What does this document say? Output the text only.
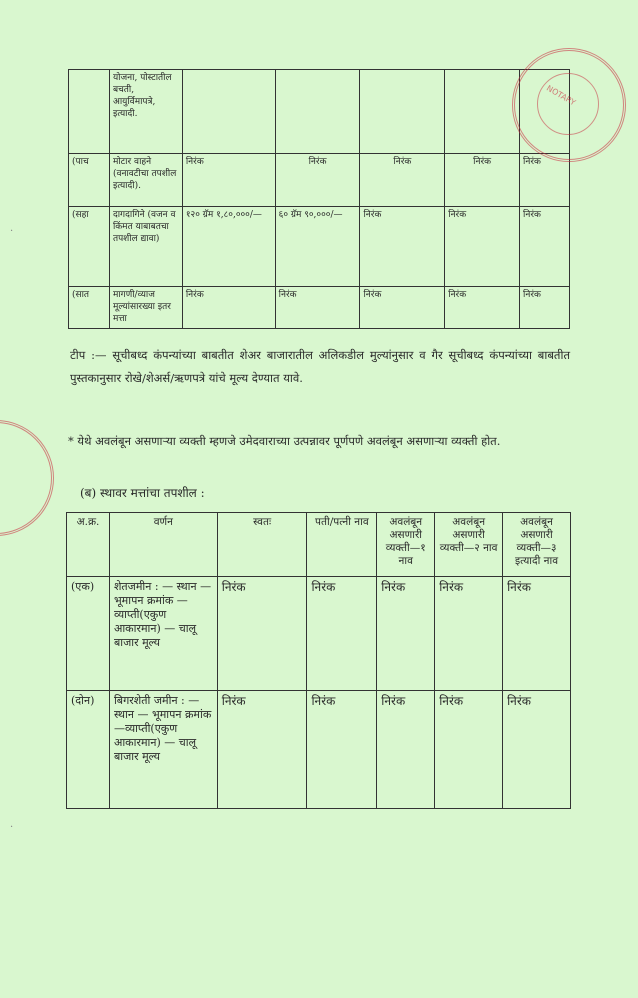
	योजना, पोस्टातील बचती, आयुर्विमापत्रे, इत्यादी.					
(पाच	मोटार वाहने (वनावटीचा तपशील इत्यादी).	निरंक	निरंक	निरंक	निरंक	निरंक
(सहा	दागदागिने (वजन व किंमत याबाबतचा तपशील द्यावा)	१२० ग्रॅम १,८०,०००/—	६० ग्रॅम ९०,०००/—	निरंक	निरंक	निरंक
(सात	मागणी/व्याज मूल्यांसारख्या इतर मत्ता	निरंक	निरंक	निरंक	निरंक	निरंक
टीप :— सूचीबध्द कंपन्यांच्या बाबतीत शेअर बाजारातील अलिकडील मुल्यांनुसार व गैर सूचीबध्द कंपन्यांच्या बाबतीत पुस्तकानुसार रोखे/शेअर्स/ऋणपत्रे यांचे मूल्य देण्यात यावे.
* येथे अवलंबून असणाऱ्या व्यक्ती म्हणजे उमेदवाराच्या उत्पन्नावर पूर्णपणे अवलंबून असणाऱ्या व्यक्ती होत.
(ब) स्थावर मत्तांचा तपशील :
अ.क्र.	वर्णन	स्वतः	पती/पत्नी नाव	अवलंबून असणारी व्यक्ती—१ नाव	अवलंबून असणारी व्यक्ती—२ नाव	अवलंबून असणारी व्यक्ती—३ इत्यादी नाव
(एक)	शेतजमीन : — स्थान — भूमापन क्रमांक —व्याप्ती(एकुण आकारमान) — चालू बाजार मूल्य	निरंक	निरंक	निरंक	निरंक	निरंक
(दोन)	बिगरशेती जमीन : — स्थान — भूमापन क्रमांक —व्याप्ती(एकुण आकारमान) — चालू बाजार मूल्य	निरंक	निरंक	निरंक	निरंक	निरंक
NOTARY
·
·
